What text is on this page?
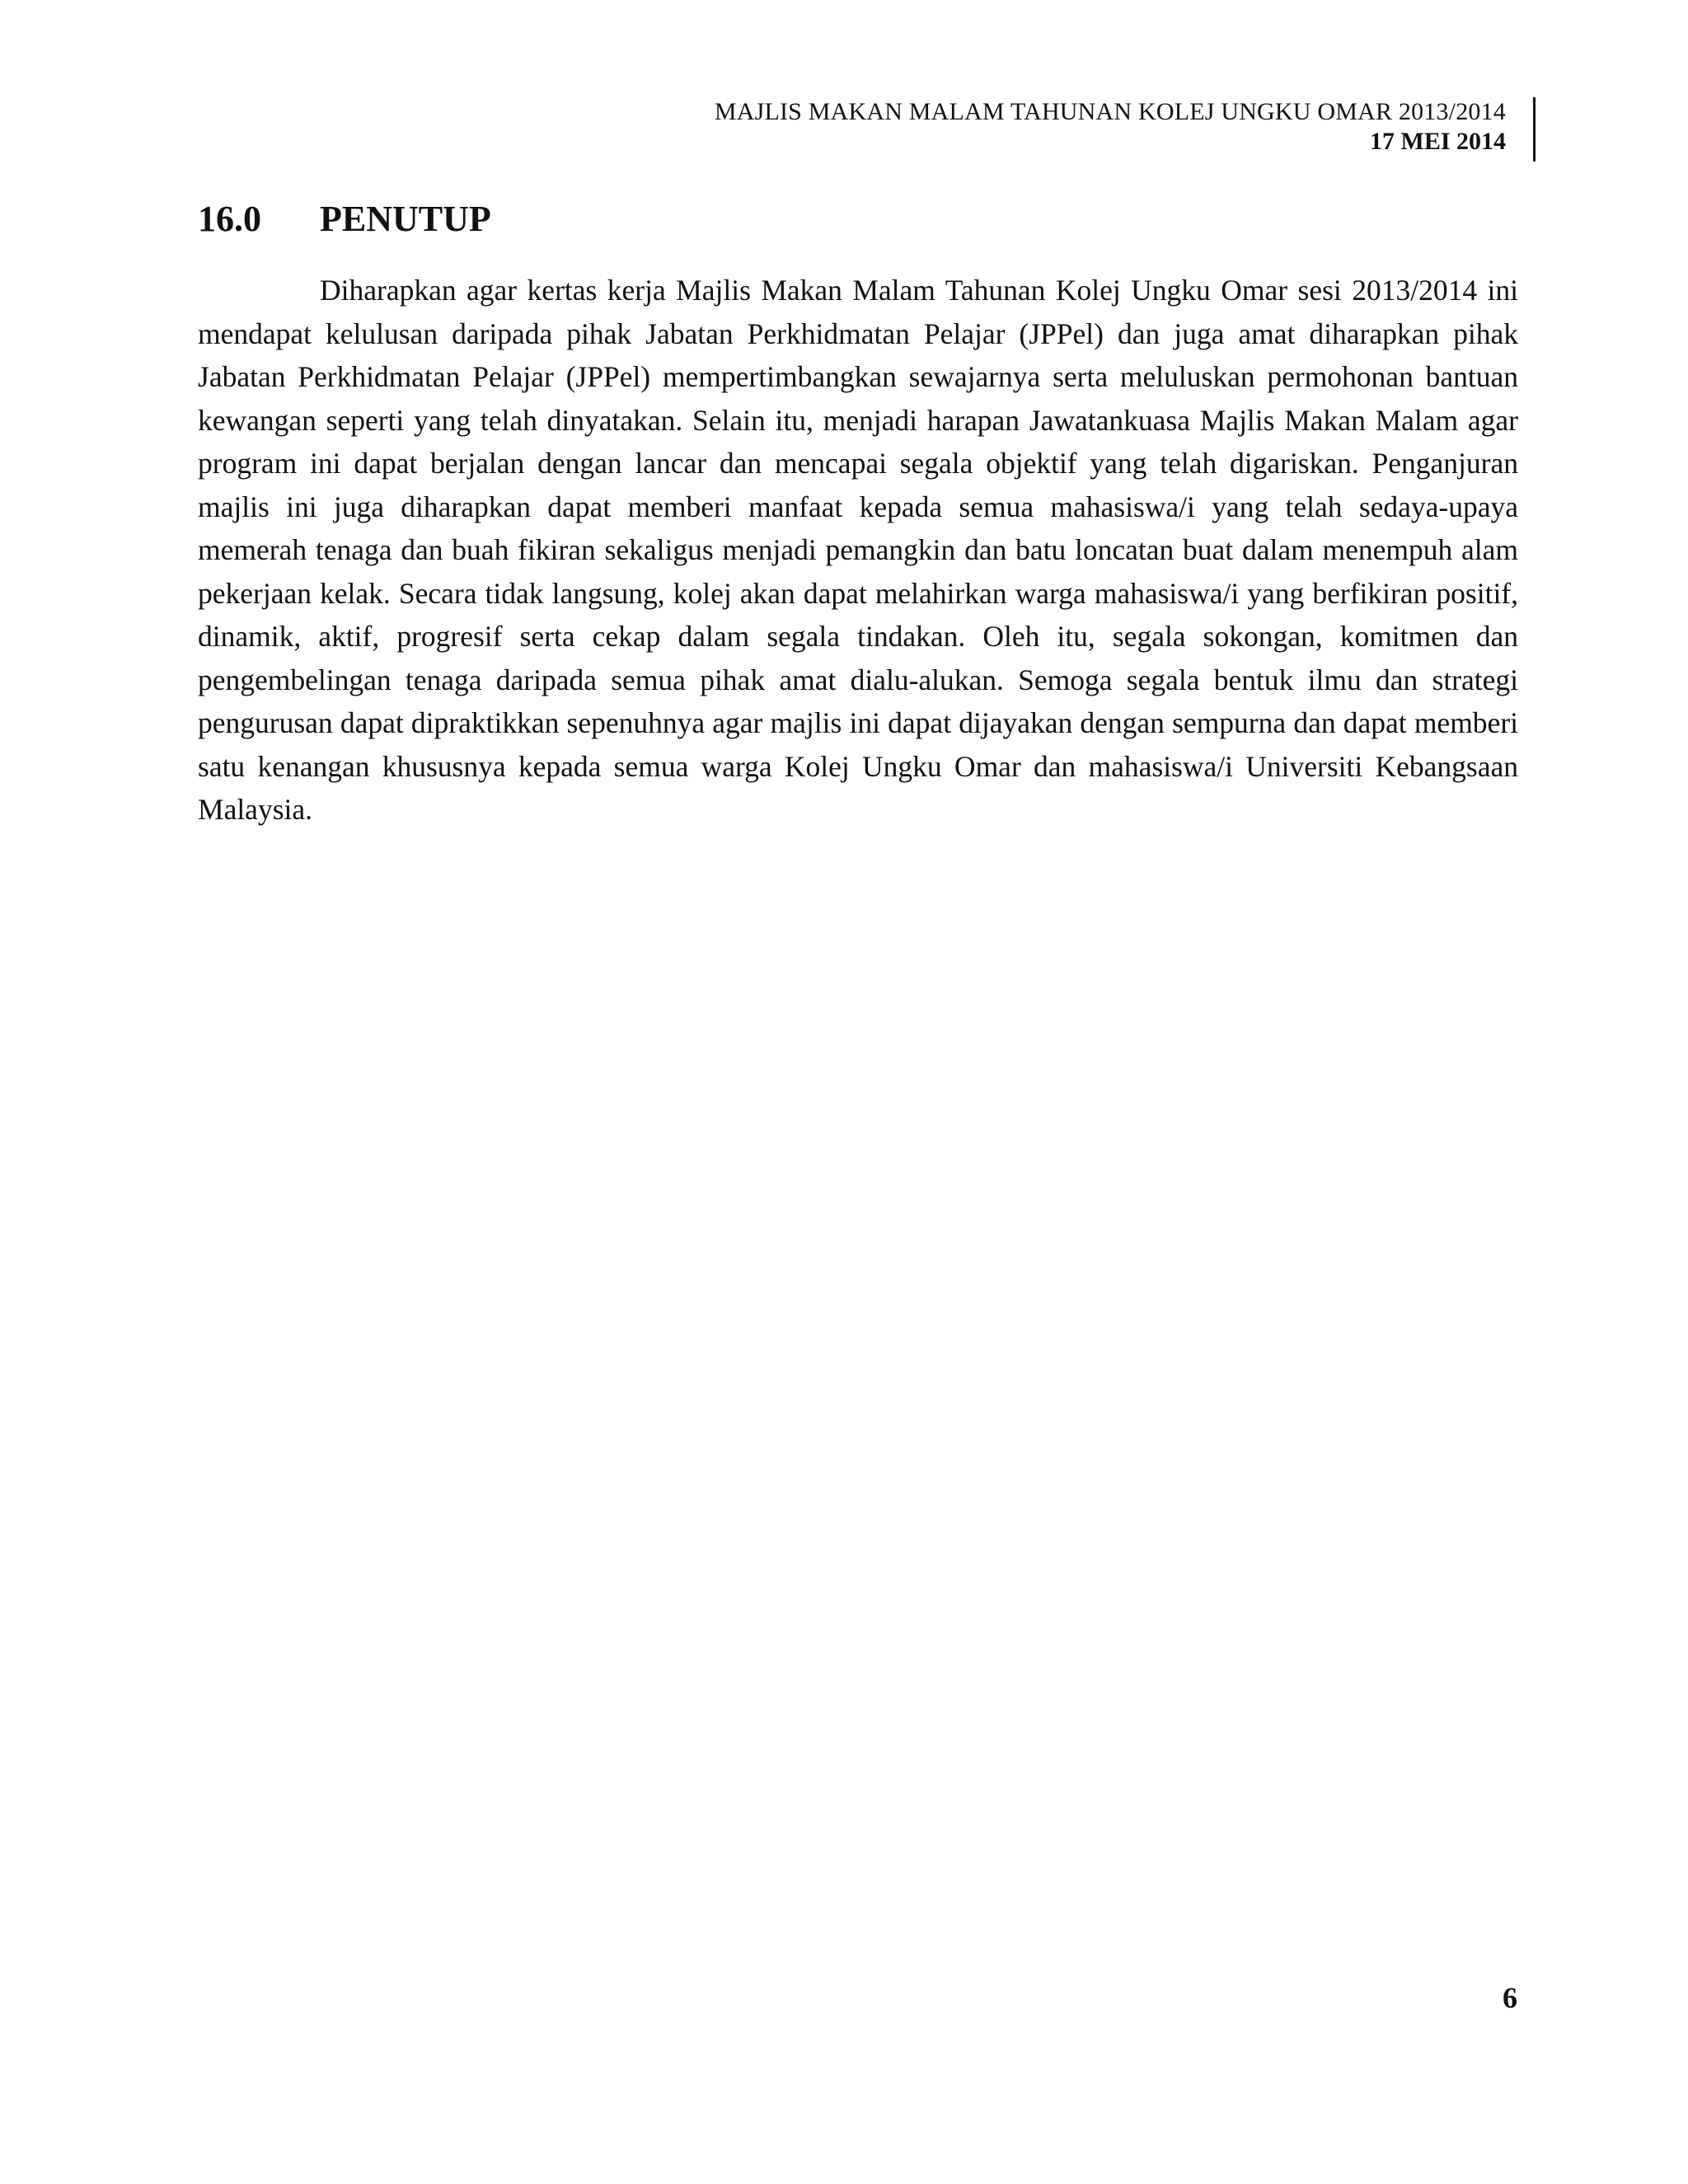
MAJLIS MAKAN MALAM TAHUNAN KOLEJ UNGKU OMAR 2013/2014
17 MEI 2014
16.0 PENUTUP

Diharapkan agar kertas kerja Majlis Makan Malam Tahunan Kolej Ungku Omar sesi 2013/2014 ini mendapat kelulusan daripada pihak Jabatan Perkhidmatan Pelajar (JPPel) dan juga amat diharapkan pihak Jabatan Perkhidmatan Pelajar (JPPel) mempertimbangkan sewajarnya serta meluluskan permohonan bantuan kewangan seperti yang telah dinyatakan. Selain itu, menjadi harapan Jawatankuasa Majlis Makan Malam agar program ini dapat berjalan dengan lancar dan mencapai segala objektif yang telah digariskan. Penganjuran majlis ini juga diharapkan dapat memberi manfaat kepada semua mahasiswa/i yang telah sedaya-upaya memerah tenaga dan buah fikiran sekaligus menjadi pemangkin dan batu loncatan buat dalam menempuh alam pekerjaan kelak. Secara tidak langsung, kolej akan dapat melahirkan warga mahasiswa/i yang berfikiran positif, dinamik, aktif, progresif serta cekap dalam segala tindakan. Oleh itu, segala sokongan, komitmen dan pengembelingan tenaga daripada semua pihak amat dialu-alukan. Semoga segala bentuk ilmu dan strategi pengurusan dapat dipraktikkan sepenuhnya agar majlis ini dapat dijayakan dengan sempurna dan dapat memberi satu kenangan khususnya kepada semua warga Kolej Ungku Omar dan mahasiswa/i Universiti Kebangsaan Malaysia.

6
